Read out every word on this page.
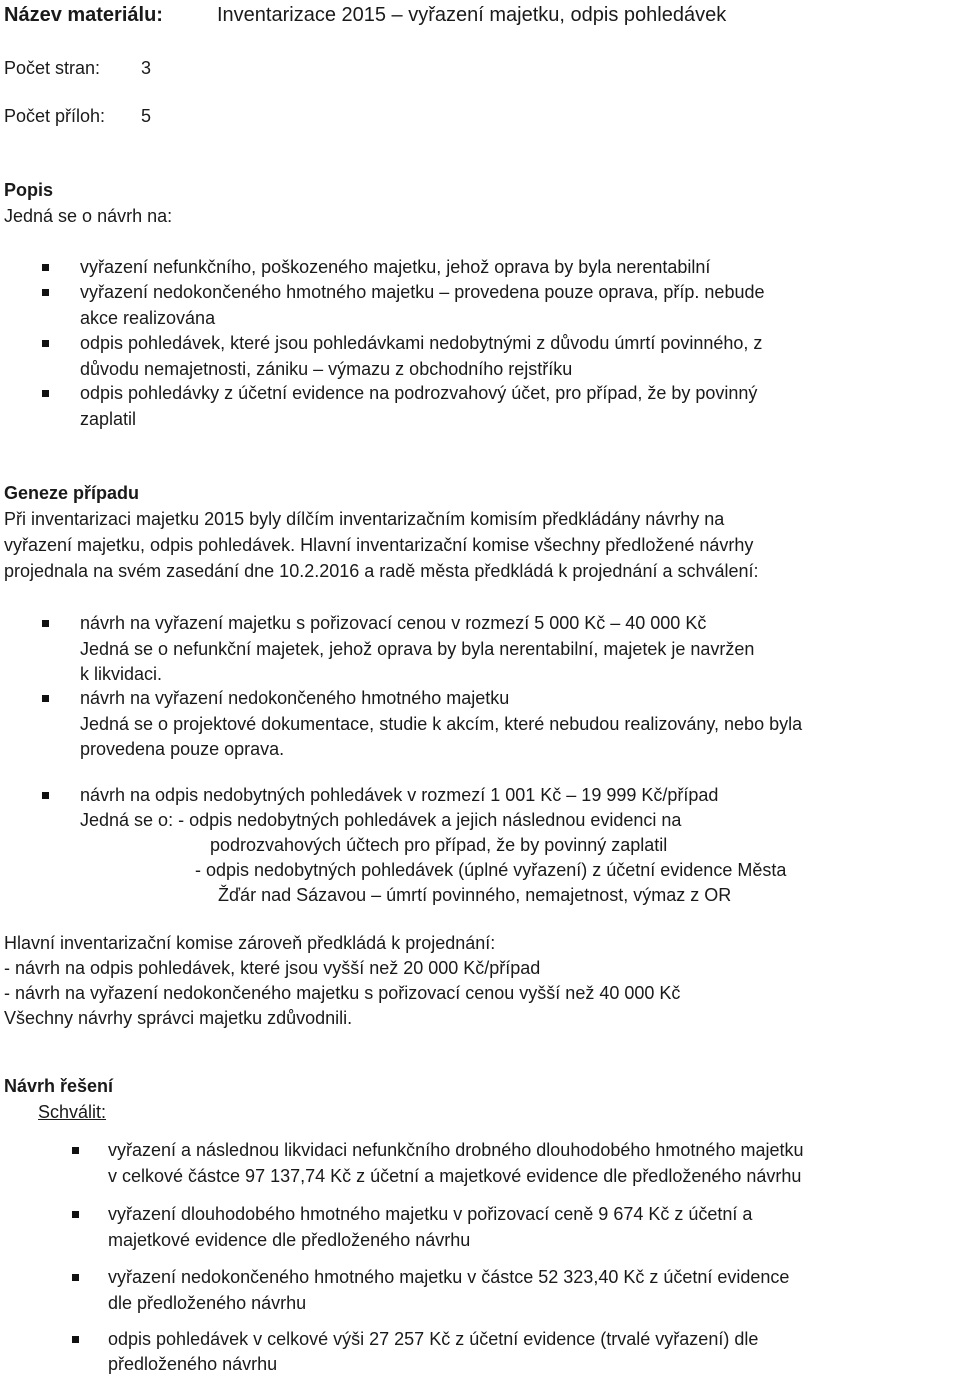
Název materiálu:	Inventarizace 2015 – vyřazení majetku, odpis pohledávek
Počet stran: 3
Počet příloh: 5
Popis
Jedná se o návrh na:
vyřazení nefunkčního, poškozeného majetku, jehož oprava by byla nerentabilní
vyřazení nedokončeného hmotného majetku – provedena pouze oprava, příp. nebude
akce realizována
odpis pohledávek, které jsou pohledávkami nedobytnými z důvodu úmrtí povinného, z
důvodu nemajetnosti, zániku – výmazu z obchodního rejstříku
odpis pohledávky z účetní evidence na podrozvahový účet, pro případ, že by povinný
zaplatil
Geneze případu
Při inventarizaci majetku 2015 byly dílčím inventarizačním komisím předkládány návrhy na
vyřazení majetku, odpis pohledávek. Hlavní inventarizační komise všechny předložené návrhy
projednala na svém zasedání dne 10.2.2016 a radě města předkládá k projednání a schválení:
návrh na vyřazení majetku s pořizovací cenou v rozmezí 5 000 Kč – 40 000 Kč
Jedná se o nefunkční majetek, jehož oprava by byla nerentabilní, majetek je navržen
k likvidaci.
návrh na vyřazení nedokončeného hmotného majetku
Jedná se o projektové dokumentace, studie k akcím, které nebudou realizovány, nebo byla
provedena pouze oprava.
návrh na odpis nedobytných pohledávek v rozmezí 1 001 Kč – 19 999 Kč/případ
Jedná se o: - odpis nedobytných pohledávek a jejich následnou evidenci na
podrozvahových účtech pro případ, že by povinný zaplatil
- odpis nedobytných pohledávek (úplné vyřazení) z účetní evidence Města
Žďár nad Sázavou – úmrtí povinného, nemajetnost, výmaz z OR
Hlavní inventarizační komise zároveň předkládá k projednání:
- návrh na odpis pohledávek, které jsou vyšší než 20 000 Kč/případ
- návrh na vyřazení nedokončeného majetku s pořizovací cenou vyšší než 40 000 Kč
Všechny návrhy správci majetku zdůvodnili.
Návrh řešení
Schválit:
vyřazení a následnou likvidaci nefunkčního drobného dlouhodobého hmotného majetku
v celkové částce 97 137,74 Kč z účetní a majetkové evidence dle předloženého návrhu
vyřazení dlouhodobého hmotného majetku v pořizovací ceně 9 674 Kč z účetní a
majetkové evidence dle předloženého návrhu
vyřazení nedokončeného hmotného majetku v částce 52 323,40 Kč z účetní evidence
dle předloženého návrhu
odpis pohledávek v celkové výši 27 257 Kč z účetní evidence (trvalé vyřazení) dle
předloženého návrhu
